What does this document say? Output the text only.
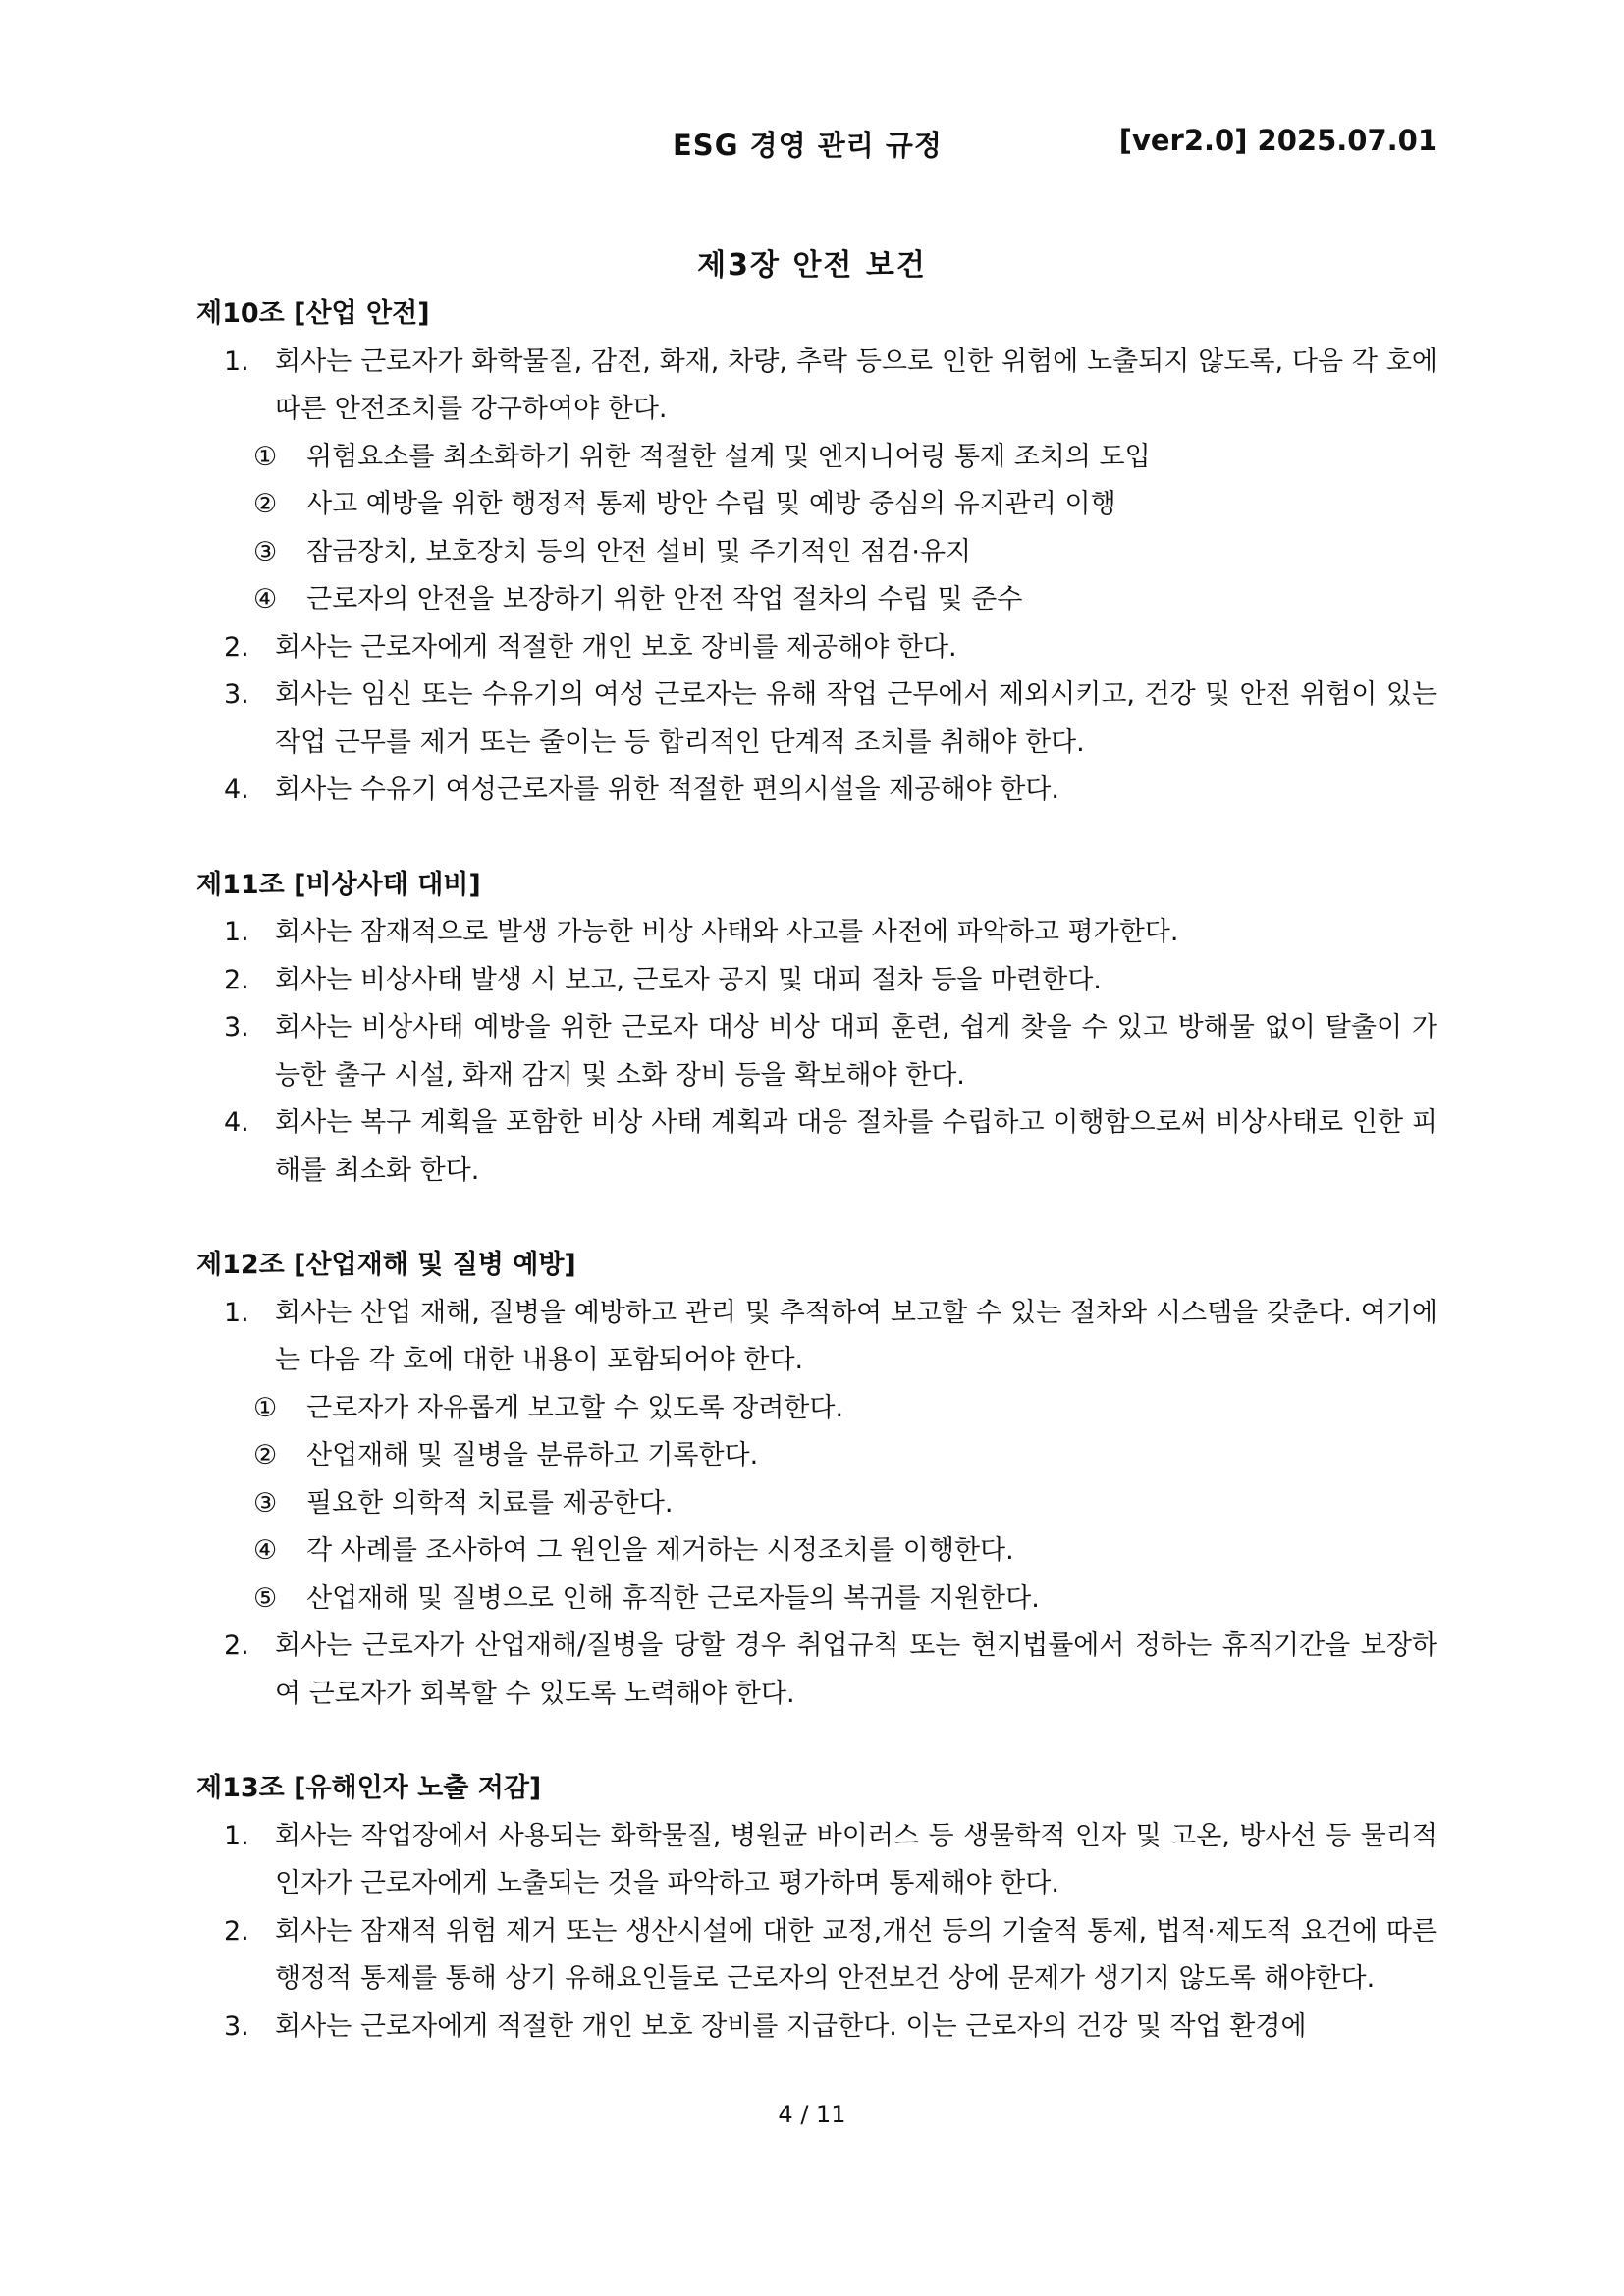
ESG 경영 관리 규정	[ver2.0] 2025.07.01
제3장 안전 보건
제10조 [산업 안전]
1. 회사는 근로자가 화학물질, 감전, 화재, 차량, 추락 등으로 인한 위험에 노출되지 않도록, 다음 각 호에 따른 안전조치를 강구하여야 한다.
① 위험요소를 최소화하기 위한 적절한 설계 및 엔지니어링 통제 조치의 도입
② 사고 예방을 위한 행정적 통제 방안 수립 및 예방 중심의 유지관리 이행
③ 잠금장치, 보호장치 등의 안전 설비 및 주기적인 점검·유지
④ 근로자의 안전을 보장하기 위한 안전 작업 절차의 수립 및 준수
2. 회사는 근로자에게 적절한 개인 보호 장비를 제공해야 한다.
3. 회사는 임신 또는 수유기의 여성 근로자는 유해 작업 근무에서 제외시키고, 건강 및 안전 위험이 있는 작업 근무를 제거 또는 줄이는 등 합리적인 단계적 조치를 취해야 한다.
4. 회사는 수유기 여성근로자를 위한 적절한 편의시설을 제공해야 한다.
제11조 [비상사태 대비]
1. 회사는 잠재적으로 발생 가능한 비상 사태와 사고를 사전에 파악하고 평가한다.
2. 회사는 비상사태 발생 시 보고, 근로자 공지 및 대피 절차 등을 마련한다.
3. 회사는 비상사태 예방을 위한 근로자 대상 비상 대피 훈련, 쉽게 찾을 수 있고 방해물 없이 탈출이 가능한 출구 시설, 화재 감지 및 소화 장비 등을 확보해야 한다.
4. 회사는 복구 계획을 포함한 비상 사태 계획과 대응 절차를 수립하고 이행함으로써 비상사태로 인한 피해를 최소화 한다.
제12조 [산업재해 및 질병 예방]
1. 회사는 산업 재해, 질병을 예방하고 관리 및 추적하여 보고할 수 있는 절차와 시스템을 갖춘다. 여기에는 다음 각 호에 대한 내용이 포함되어야 한다.
① 근로자가 자유롭게 보고할 수 있도록 장려한다.
② 산업재해 및 질병을 분류하고 기록한다.
③ 필요한 의학적 치료를 제공한다.
④ 각 사례를 조사하여 그 원인을 제거하는 시정조치를 이행한다.
⑤ 산업재해 및 질병으로 인해 휴직한 근로자들의 복귀를 지원한다.
2. 회사는 근로자가 산업재해/질병을 당할 경우 취업규칙 또는 현지법률에서 정하는 휴직기간을 보장하여 근로자가 회복할 수 있도록 노력해야 한다.
제13조 [유해인자 노출 저감]
1. 회사는 작업장에서 사용되는 화학물질, 병원균 바이러스 등 생물학적 인자 및 고온, 방사선 등 물리적 인자가 근로자에게 노출되는 것을 파악하고 평가하며 통제해야 한다.
2. 회사는 잠재적 위험 제거 또는 생산시설에 대한 교정,개선 등의 기술적 통제, 법적·제도적 요건에 따른 행정적 통제를 통해 상기 유해요인들로 근로자의 안전보건 상에 문제가 생기지 않도록 해야한다.
3. 회사는 근로자에게 적절한 개인 보호 장비를 지급한다. 이는 근로자의 건강 및 작업 환경에
4 / 11
